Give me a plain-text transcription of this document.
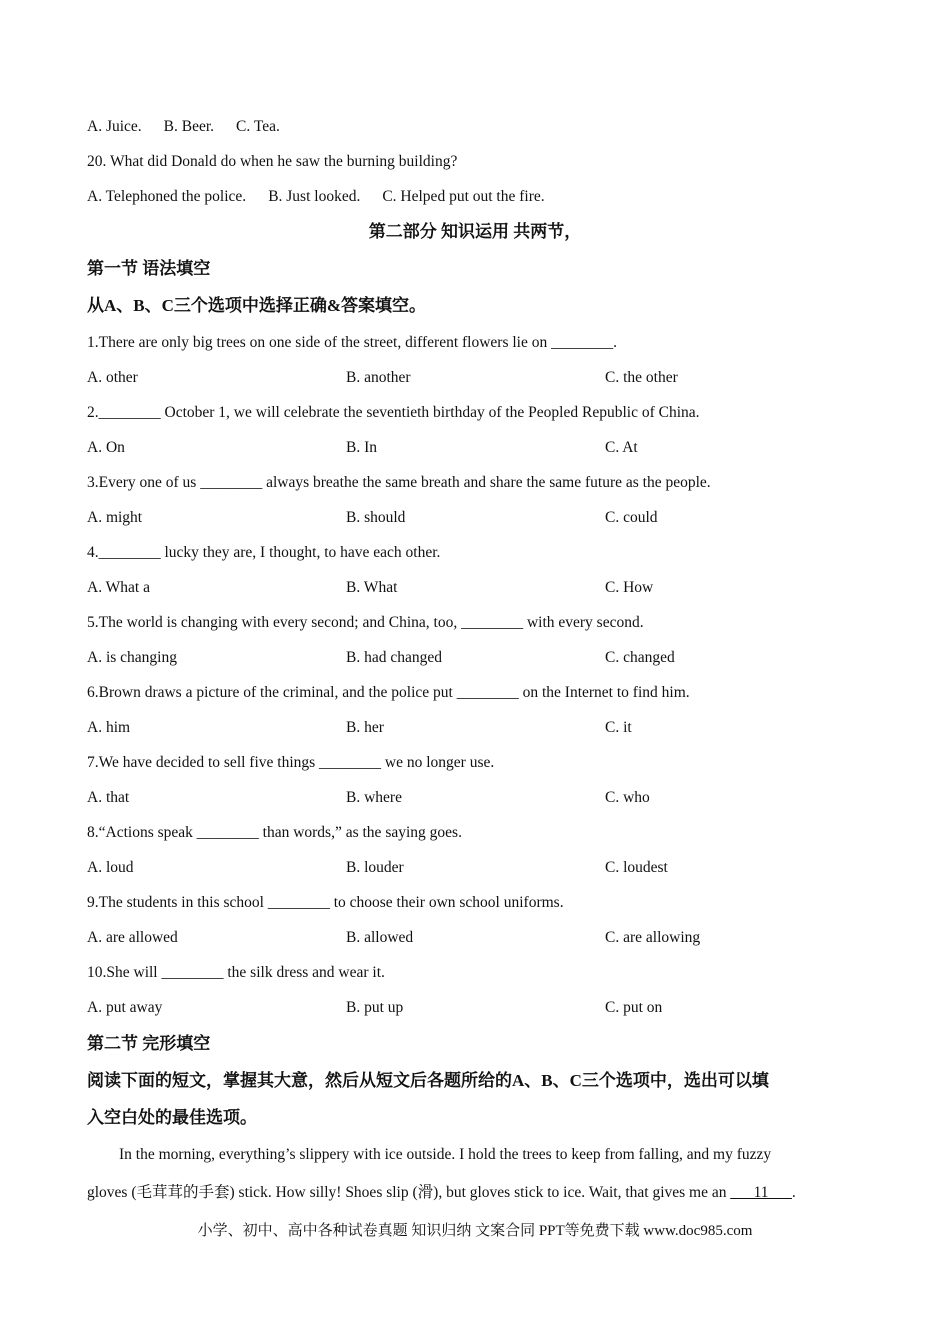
A. Juice. B. Beer. C. Tea.
20. What did Donald do when he saw the burning building?
A. Telephoned the police. B. Just looked. C. Helped put out the fire.
第二部分 知识运用 共两节，
第一节 语法填空
从A、B、C三个选项中选择正确&答案填空。
1.There are only big trees on one side of the street, different flowers lie on ________.
A. other	B. another	C. the other
2.________ October 1, we will celebrate the seventieth birthday of the Peopled Republic of China.
A. On	B. In	C. At
3.Every one of us ________ always breathe the same breath and share the same future as the people.
A. might	B. should	C. could
4.________ lucky they are, I thought, to have each other.
A. What a	B. What	C. How
5.The world is changing with every second; and China, too, ________ with every second.
A. is changing	B. had changed	C. changed
6.Brown draws a picture of the criminal, and the police put ________ on the Internet to find him.
A. him	B. her	C. it
7.We have decided to sell five things ________ we no longer use.
A. that	B. where	C. who
8.“Actions speak ________ than words,” as the saying goes.
A. loud	B. louder	C. loudest
9.The students in this school ________ to choose their own school uniforms.
A. are allowed	B. allowed	C. are allowing
10.She will ________ the silk dress and wear it.
A. put away	B. put up	C. put on
第二节 完形填空
阅读下面的短文，掌握其大意，然后从短文后各题所给的A、B、C三个选项中，选出可以填
入空白处的最佳选项。
In the morning, everything’s slippery with ice outside. I hold the trees to keep from falling, and my fuzzy
gloves (毛茸茸的手套) stick. How silly! Shoes slip (滑), but gloves stick to ice. Wait, that gives me an ___11___.
小学、初中、高中各种试卷真题 知识归纳 文案合同 PPT等免费下载 www.doc985.com
